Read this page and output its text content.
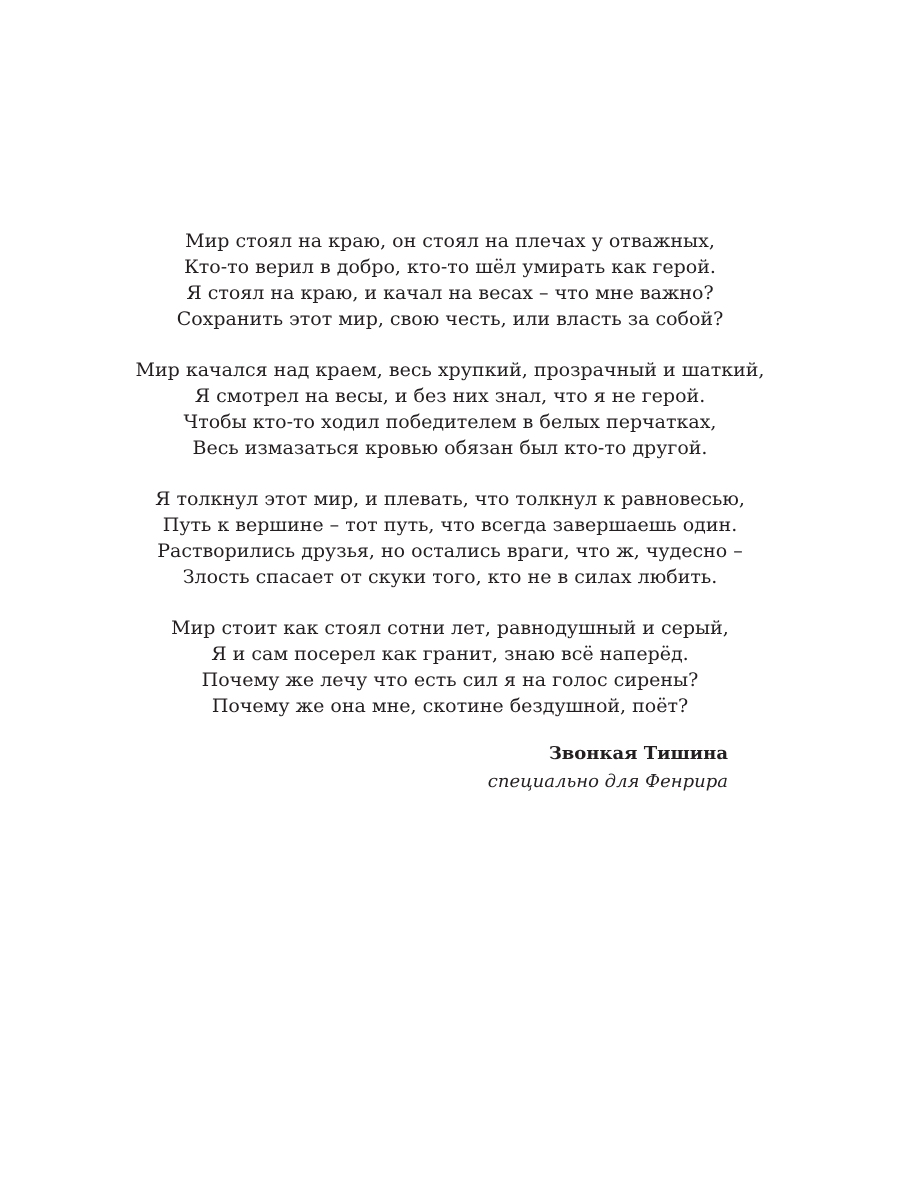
Мир стоял на краю, он стоял на плечах у отважных,
Кто-то верил в добро, кто-то шёл умирать как герой.
Я стоял на краю, и качал на весах – что мне важно?
Сохранить этот мир, свою честь, или власть за собой?
Мир качался над краем, весь хрупкий, прозрачный и шаткий,
Я смотрел на весы, и без них знал, что я не герой.
Чтобы кто-то ходил победителем в белых перчатках,
Весь измазаться кровью обязан был кто-то другой.
Я толкнул этот мир, и плевать, что толкнул к равновесью,
Путь к вершине – тот путь, что всегда завершаешь один.
Растворились друзья, но остались враги, что ж, чудесно –
Злость спасает от скуки того, кто не в силах любить.
Мир стоит как стоял сотни лет, равнодушный и серый,
Я и сам посерел как гранит, знаю всё наперёд.
Почему же лечу что есть сил я на голос сирены?
Почему же она мне, скотине бездушной, поёт?
Звонкая Тишина
специально для Фенрира
